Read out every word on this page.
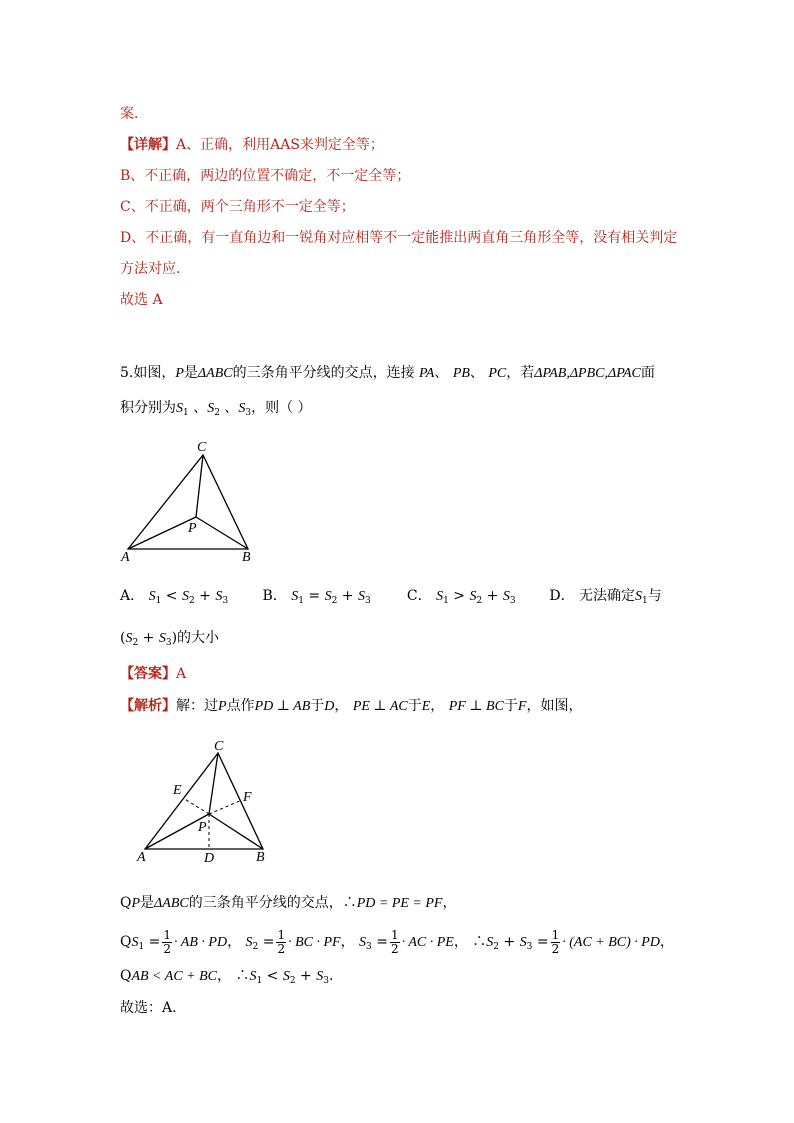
案．
【详解】A、正确，利用AAS来判定全等；
B、不正确，两边的位置不确定，不一定全等；
C、不正确，两个三角形不一定全等；
D、不正确，有一直角边和一锐角对应相等不一定能推出两直角三角形全等，没有相关判定
方法对应．
故选 A
5.如图，P是ΔABC的三条角平分线的交点，连接 PA、 PB、 PC，若ΔPAB,ΔPBC,ΔPAC面
积分别为$S_1$ 、$S_2$ 、$S_3$，则（ ）
C
P
A	B
A． $S_1 < S_2 + S_3$ B． $S_1 = S_2 + S_3$	C． $S_1 > S_2 + S_3$ D． 无法确定$S_1$与
$(S_2 + S_3)$的大小
【答案】A
【解析】解：过P点作PD ⊥ AB于D， PE ⊥ AC于E， PF ⊥ BC于F，如图，
C
E	F
P
A	D	B
QP是ΔABC的三条角平分线的交点，∴PD = PE = PF，
$QS_1 = \frac{1}{2}$ · AB · PD， $S_2 = \frac{1}{2}$ · BC · PF， $S_3 = \frac{1}{2}$ · AC · PE， $\therefore S_2 + S_3 = \frac{1}{2} \cdot (AC + BC)$ · PD，
QAB < AC + BC， $\therefore S_1 < S_2 + S_3$．
故选：A．
